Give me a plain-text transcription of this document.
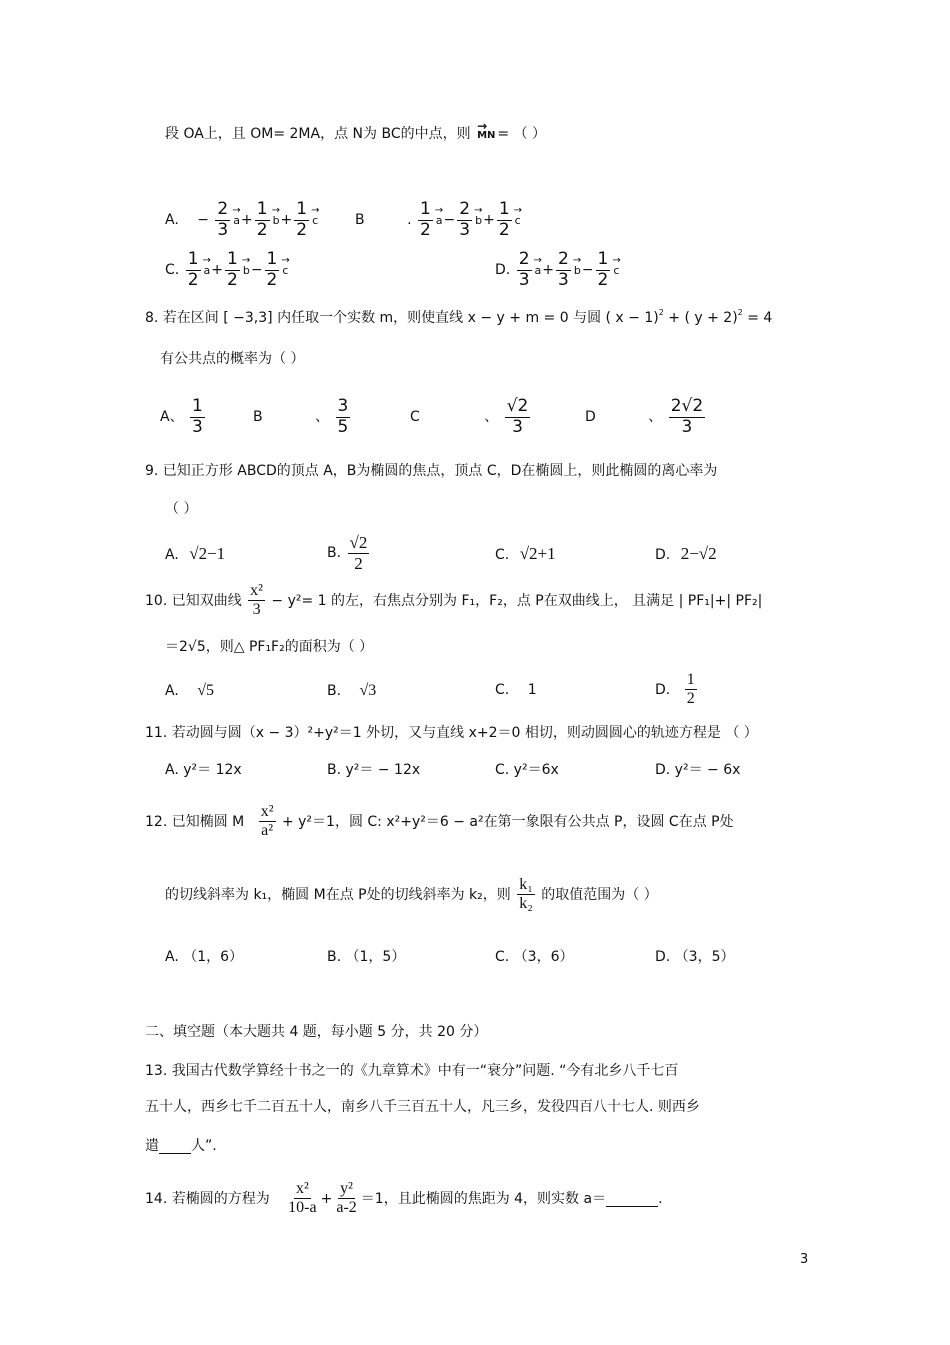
段 OA上，且 OM= 2MA，点 N为 BC的中点，则 → MN = （ ）
A. − $\frac{2}{3}$
→ $a+ \frac{1}{2}$
→ $b+ \frac{1}{2}$
→ c	B	. $\frac{1}{2}$
→ $a- \frac{2}{3}$
→ $b+ \frac{1}{2}$
→ c
C. $\frac{1}{2}$
→ $a+ \frac{1}{2}$
→ $b- \frac{1}{2}$
→ c	D. $\frac{2}{3}$
→ $a+ \frac{2}{3}$
→ $b- \frac{1}{2}$
→ c
8. 若在区间 [ −3,3] 内任取一个实数 m，则使直线 x − y + m = 0 与圆 ( x − 1)$^2$ + ( y + 2)$^2$ = 4
有公共点的概率为（ ）
A、 $\frac{1}{3}$	B	、 $\frac{3}{5}$	C	、 $\frac{√2}{3}$	D	、 $\frac{2√2}{3}$
9. 已知正方形 ABCD的顶点 A，B为椭圆的焦点，顶点 C，D在椭圆上，则此椭圆的离心率为
（ ）
A. √2−1	B. $\frac{√2}{2}$	C. √2+1	D. 2−√2
10. 已知双曲线 $\frac{\text{x²}}{3} - y^2= 1$ 的左，右焦点分别为 F₁，F₂，点 P在双曲线上， 且满足 | PF₁|+| PF₂|
＝2√5，则△ PF₁F₂的面积为（ ）
A. √5	B. √3	C. 1	D. $\frac{1}{2}$
11. 若动圆与圆（x − 3）²+y²＝1 外切，又与直线 x+2＝0 相切，则动圆圆心的轨迹方程是 （ ）
A. y²＝ 12x	B. y²＝ − 12x	C. y²＝6x	D. y²＝ − 6x
12. 已知椭圆 M $\frac{\text{x²}}{\text{a²}} + y^2=1$，圆 C: x²+y²＝6 − a²在第一象限有公共点 P，设圆 C在点 P处
的切线斜率为 k₁，椭圆 M在点 P处的切线斜率为 k₂，则 $\frac{\text{k₁}}{\text{k₂}}$ 的取值范围为（ ）
A. （1，6）	B. （1，5）	C. （3，6）	D. （3，5）
二、填空题（本大题共 4 题，每小题 5 分，共 20 分）
13. 我国古代数学算经十书之一的《九章算术》中有一“衰分”问题. “今有北乡八千七百
五十人，西乡七千二百五十人，南乡八千三百五十人，凡三乡，发役四百八十七人. 则西乡
遣 人”.
14. 若椭圆的方程为 $\frac{\text{x²}}{10-a} + \frac{\text{y²}}{a-2} =1$，且此椭圆的焦距为 4，则实数 a＝	.
3
